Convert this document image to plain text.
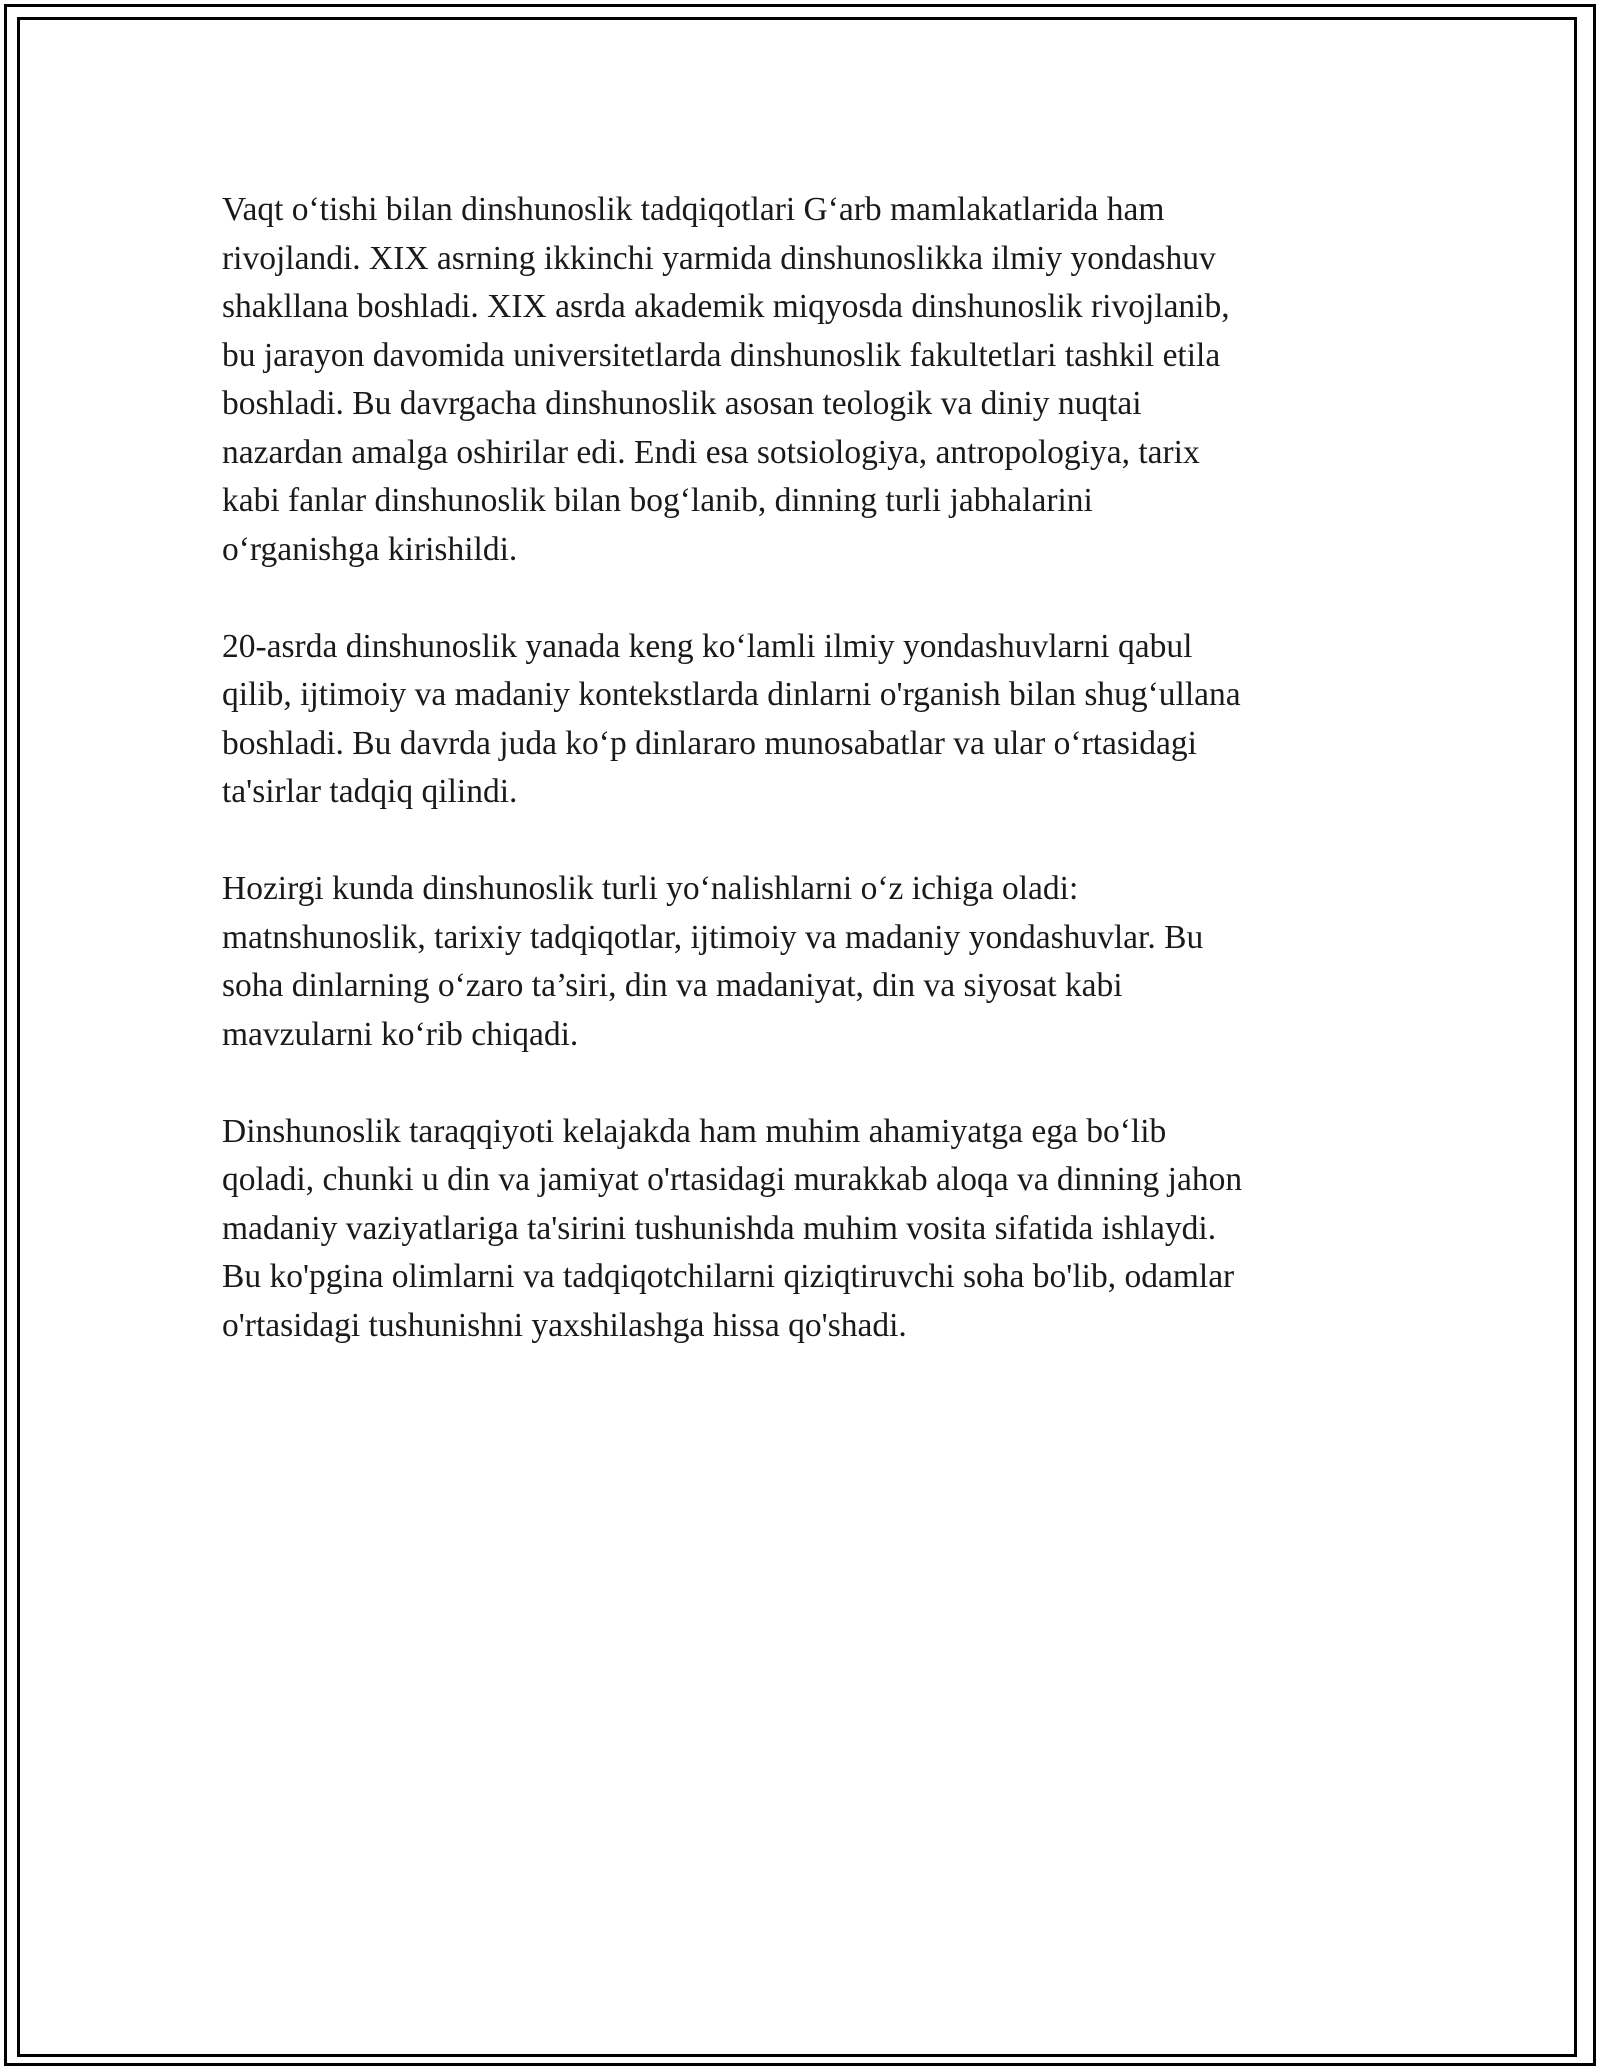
Vaqt o‘tishi bilan dinshunoslik tadqiqotlari G‘arb mamlakatlarida ham
rivojlandi. XIX asrning ikkinchi yarmida dinshunoslikka ilmiy yondashuv
shakllana boshladi. XIX asrda akademik miqyosda dinshunoslik rivojlanib,
bu jarayon davomida universitetlarda dinshunoslik fakultetlari tashkil etila
boshladi. Bu davrgacha dinshunoslik asosan teologik va diniy nuqtai
nazardan amalga oshirilar edi. Endi esa sotsiologiya, antropologiya, tarix
kabi fanlar dinshunoslik bilan bog‘lanib, dinning turli jabhalarini
o‘rganishga kirishildi.

20-asrda dinshunoslik yanada keng ko‘lamli ilmiy yondashuvlarni qabul
qilib, ijtimoiy va madaniy kontekstlarda dinlarni o'rganish bilan shug‘ullana
boshladi. Bu davrda juda ko‘p dinlararo munosabatlar va ular o‘rtasidagi
ta'sirlar tadqiq qilindi.

Hozirgi kunda dinshunoslik turli yo‘nalishlarni o‘z ichiga oladi:
matnshunoslik, tarixiy tadqiqotlar, ijtimoiy va madaniy yondashuvlar. Bu
soha dinlarning o‘zaro ta’siri, din va madaniyat, din va siyosat kabi
mavzularni ko‘rib chiqadi.

Dinshunoslik taraqqiyoti kelajakda ham muhim ahamiyatga ega bo‘lib
qoladi, chunki u din va jamiyat o'rtasidagi murakkab aloqa va dinning jahon
madaniy vaziyatlariga ta'sirini tushunishda muhim vosita sifatida ishlaydi.
Bu ko'pgina olimlarni va tadqiqotchilarni qiziqtiruvchi soha bo'lib, odamlar
o'rtasidagi tushunishni yaxshilashga hissa qo'shadi.
